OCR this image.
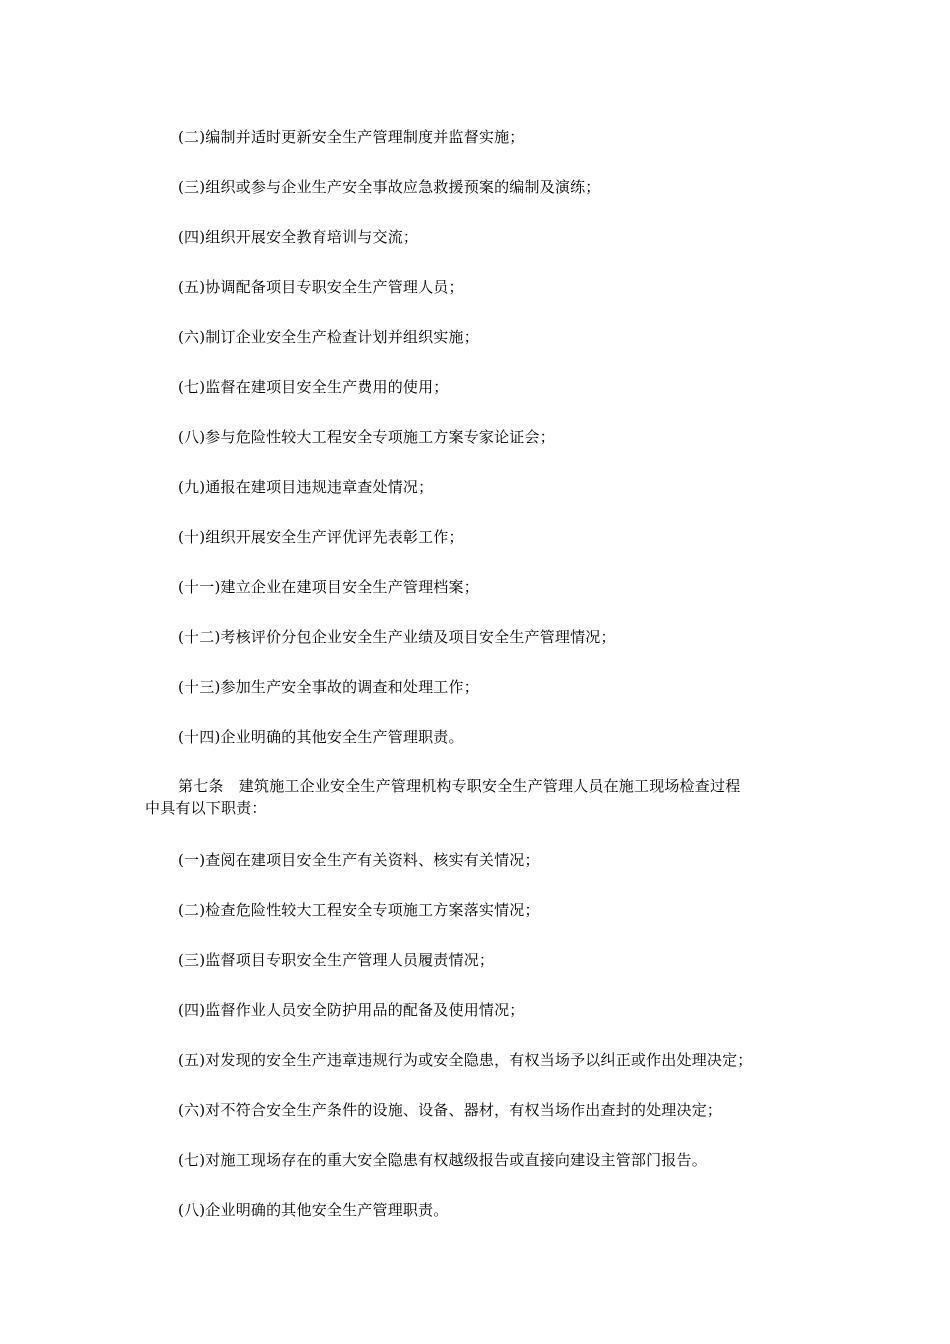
(二)编制并适时更新安全生产管理制度并监督实施；

(三)组织或参与企业生产安全事故应急救援预案的编制及演练；

(四)组织开展安全教育培训与交流；

(五)协调配备项目专职安全生产管理人员；

(六)制订企业安全生产检查计划并组织实施；

(七)监督在建项目安全生产费用的使用；

(八)参与危险性较大工程安全专项施工方案专家论证会；

(九)通报在建项目违规违章查处情况；

(十)组织开展安全生产评优评先表彰工作；

(十一)建立企业在建项目安全生产管理档案；

(十二)考核评价分包企业安全生产业绩及项目安全生产管理情况；

(十三)参加生产安全事故的调查和处理工作；

(十四)企业明确的其他安全生产管理职责。

第七条　建筑施工企业安全生产管理机构专职安全生产管理人员在施工现场检查过程
中具有以下职责：

(一)查阅在建项目安全生产有关资料、核实有关情况；

(二)检查危险性较大工程安全专项施工方案落实情况；

(三)监督项目专职安全生产管理人员履责情况；

(四)监督作业人员安全防护用品的配备及使用情况；

(五)对发现的安全生产违章违规行为或安全隐患，有权当场予以纠正或作出处理决定；

(六)对不符合安全生产条件的设施、设备、器材，有权当场作出查封的处理决定；

(七)对施工现场存在的重大安全隐患有权越级报告或直接向建设主管部门报告。

(八)企业明确的其他安全生产管理职责。
